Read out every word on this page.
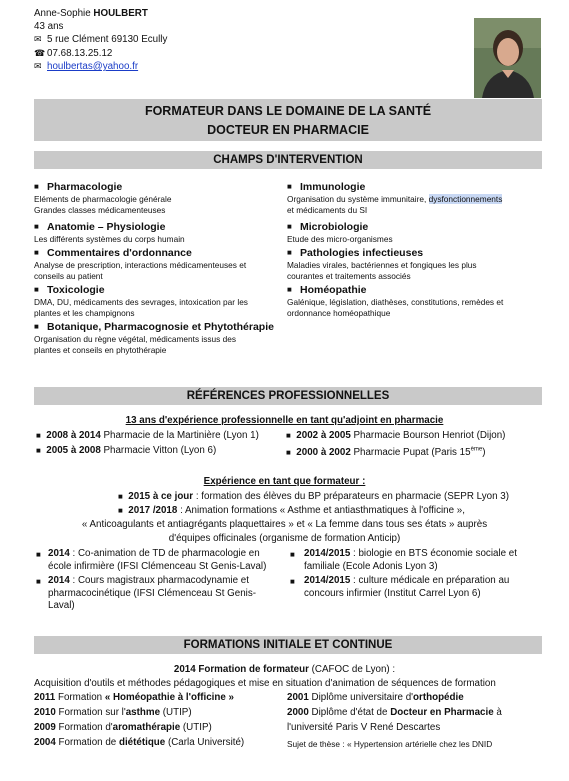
Anne-Sophie HOULBERT
43 ans
✉ 5 rue Clément 69130 Ecully
☎ 07.68.13.25.12
✉ houlbertas@yahoo.fr
FORMATEUR DANS LE DOMAINE DE LA SANTÉ
DOCTEUR EN PHARMACIE
CHAMPS D'INTERVENTION
■ Pharmacologie
Eléments de pharmacologie générale
Grandes classes médicamenteuses
■ Anatomie – Physiologie
Les différents systèmes du corps humain
■ Commentaires d'ordonnance
Analyse de prescription, interactions médicamenteuses et
conseils au patient
■ Toxicologie
DMA, DU, médicaments des sevrages, intoxication par les
plantes et les champignons
■ Botanique, Pharmacognosie et Phytothérapie
Organisation du règne végétal, médicaments issus des
plantes et conseils en phytothérapie
■ Immunologie
Organisation du système immunitaire, dysfonctionnements
et médicaments du SI
■ Microbiologie
Etude des micro-organismes
■ Pathologies infectieuses
Maladies virales, bactériennes et fongiques les plus
courantes et traitements associés
■ Homéopathie
Galénique, législation, diathèses, constitutions, remèdes et
ordonnance homéopathique
RÉFÉRENCES PROFESSIONNELLES
13 ans d'expérience professionnelle en tant qu'adjoint en pharmacie
■ 2008 à 2014 Pharmacie de la Martinière (Lyon 1)	■ 2002 à 2005 Pharmacie Bourson Henriot (Dijon)
■ 2005 à 2008 Pharmacie Vitton (Lyon 6)	■ 2000 à 2002 Pharmacie Pupat (Paris 15ème)
Expérience en tant que formateur :
■ 2015 à ce jour : formation des élèves du BP préparateurs en pharmacie (SEPR Lyon 3)
■ 2017 /2018 : Animation formations « Asthme et antiasthmatiques à l'officine »,
« Anticoagulants et antiagrégants plaquettaires » et « La femme dans tous ses états » auprès
d'équipes officinales (organisme de formation Anticip)
■ 2014 : Co-animation de TD de pharmacologie en
école infirmière (IFSI Clémenceau St Genis-Laval)
■ 2014 : Cours magistraux pharmacodynamie et
pharmacocinétique (IFSI Clémenceau St Genis-
Laval)
■ 2014/2015 : biologie en BTS économie sociale et
familiale (Ecole Adonis Lyon 3)
■ 2014/2015 : culture médicale en préparation au
concours infirmier (Institut Carrel Lyon 6)
FORMATIONS INITIALE ET CONTINUE
2014 Formation de formateur (CAFOC de Lyon) :
Acquisition d'outils et méthodes pédagogiques et mise en situation d'animation de séquences de formation
2011 Formation « Homéopathie à l'officine »
2010 Formation sur l'asthme (UTIP)
2009 Formation d'aromathérapie (UTIP)
2004 Formation de diététique (Carla Université)
2001 Diplôme universitaire d'orthopédie
2000 Diplôme d'état de Docteur en Pharmacie à
l'université Paris V René Descartes
Sujet de thèse : « Hypertension artérielle chez les DNID
